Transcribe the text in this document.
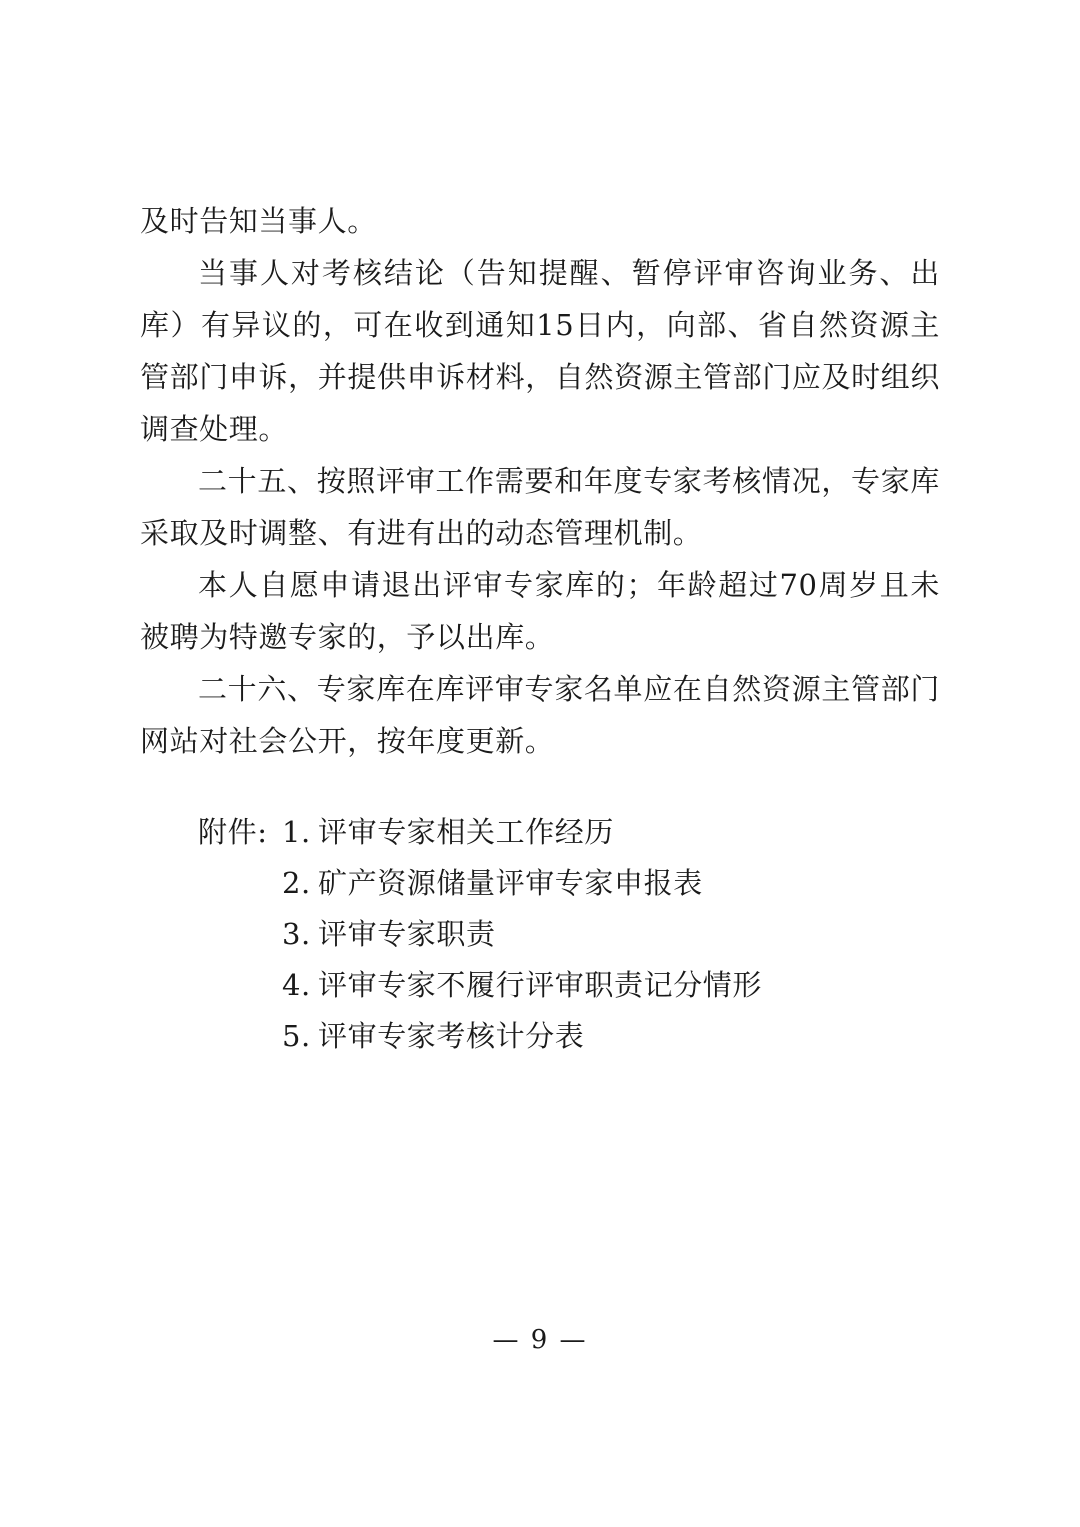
及时告知当事人。

当事人对考核结论（告知提醒、暂停评审咨询业务、出库）有异议的，可在收到通知15日内，向部、省自然资源主管部门申诉，并提供申诉材料，自然资源主管部门应及时组织调查处理。

二十五、按照评审工作需要和年度专家考核情况，专家库采取及时调整、有进有出的动态管理机制。

本人自愿申请退出评审专家库的；年龄超过70周岁且未被聘为特邀专家的，予以出库。

二十六、专家库在库评审专家名单应在自然资源主管部门网站对社会公开，按年度更新。

附件: 1. 评审专家相关工作经历
2. 矿产资源储量评审专家申报表
3. 评审专家职责
4. 评审专家不履行评审职责记分情形
5. 评审专家考核计分表
— 9 —
